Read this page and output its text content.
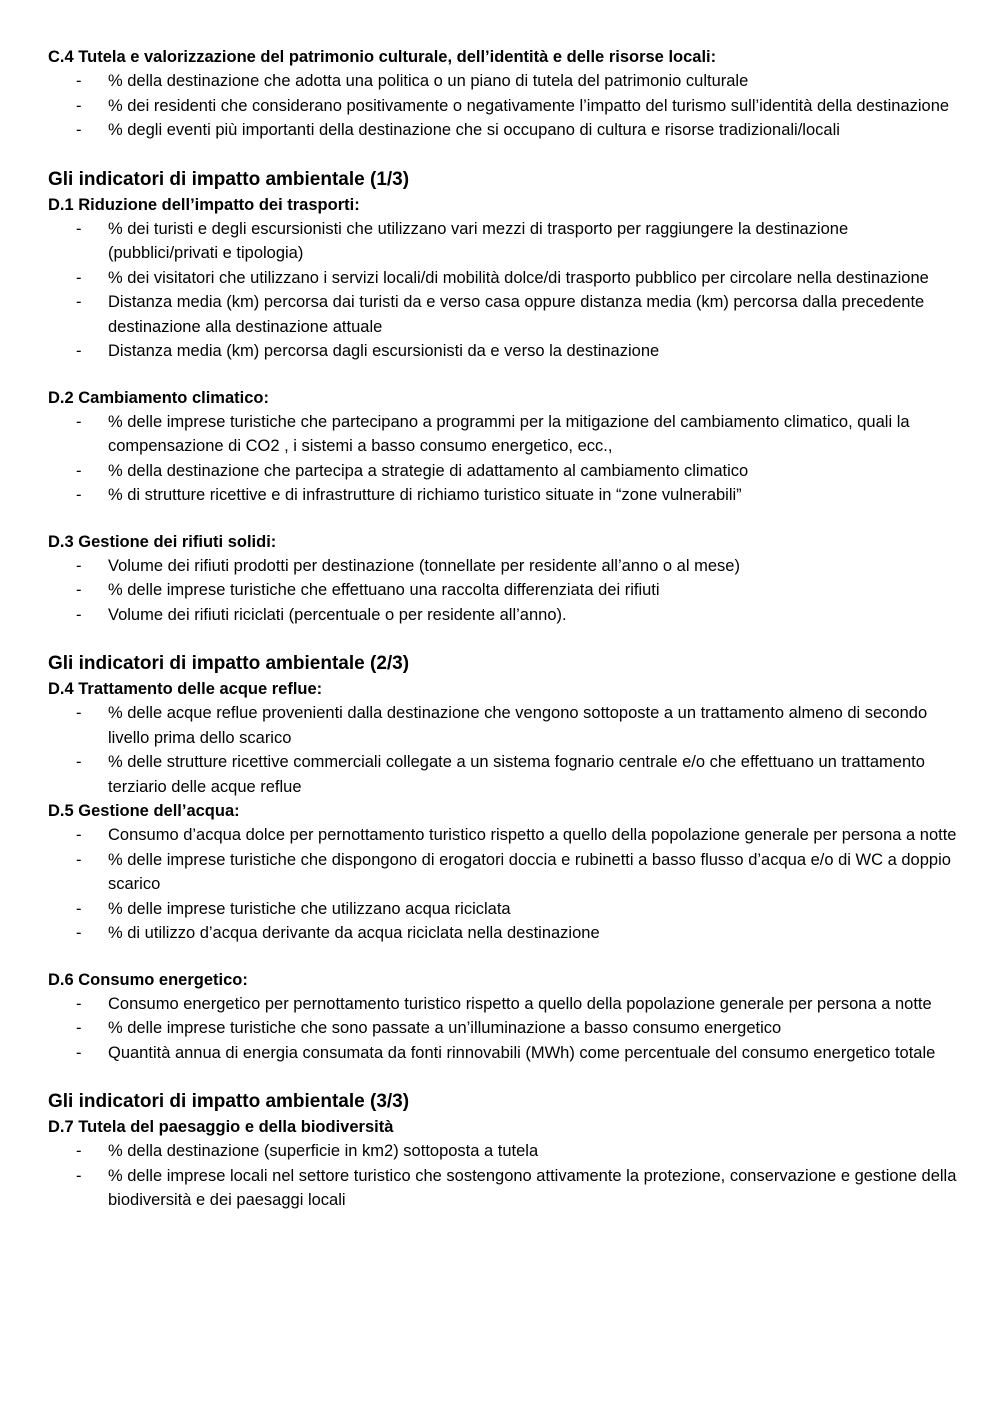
C.4 Tutela e valorizzazione del patrimonio culturale, dell’identità e delle risorse locali:
- % della destinazione che adotta una politica o un piano di tutela del patrimonio culturale
- % dei residenti che considerano positivamente o negativamente l’impatto del turismo sull’identità della destinazione
- % degli eventi più importanti della destinazione che si occupano di cultura e risorse tradizionali/locali
Gli indicatori di impatto ambientale (1/3)
D.1 Riduzione dell’impatto dei trasporti:
- % dei turisti e degli escursionisti che utilizzano vari mezzi di trasporto per raggiungere la destinazione (pubblici/privati e tipologia)
- % dei visitatori che utilizzano i servizi locali/di mobilità dolce/di trasporto pubblico per circolare nella destinazione
- Distanza media (km) percorsa dai turisti da e verso casa oppure distanza media (km) percorsa dalla precedente destinazione alla destinazione attuale
- Distanza media (km) percorsa dagli escursionisti da e verso la destinazione
D.2 Cambiamento climatico:
- % delle imprese turistiche che partecipano a programmi per la mitigazione del cambiamento climatico, quali la compensazione di CO2 , i sistemi a basso consumo energetico, ecc.,
- % della destinazione che partecipa a strategie di adattamento al cambiamento climatico
- % di strutture ricettive e di infrastrutture di richiamo turistico situate in “zone vulnerabili”
D.3 Gestione dei rifiuti solidi:
- Volume dei rifiuti prodotti per destinazione (tonnellate per residente all’anno o al mese)
- % delle imprese turistiche che effettuano una raccolta differenziata dei rifiuti
- Volume dei rifiuti riciclati (percentuale o per residente all’anno).
Gli indicatori di impatto ambientale (2/3)
D.4 Trattamento delle acque reflue:
- % delle acque reflue provenienti dalla destinazione che vengono sottoposte a un trattamento almeno di secondo livello prima dello scarico
- % delle strutture ricettive commerciali collegate a un sistema fognario centrale e/o che effettuano un trattamento terziario delle acque reflue
D.5 Gestione dell’acqua:
- Consumo d’acqua dolce per pernottamento turistico rispetto a quello della popolazione generale per persona a notte
- % delle imprese turistiche che dispongono di erogatori doccia e rubinetti a basso flusso d’acqua e/o di WC a doppio scarico
- % delle imprese turistiche che utilizzano acqua riciclata
- % di utilizzo d’acqua derivante da acqua riciclata nella destinazione
D.6 Consumo energetico:
- Consumo energetico per pernottamento turistico rispetto a quello della popolazione generale per persona a notte
- % delle imprese turistiche che sono passate a un’illuminazione a basso consumo energetico
- Quantità annua di energia consumata da fonti rinnovabili (MWh) come percentuale del consumo energetico totale
Gli indicatori di impatto ambientale (3/3)
D.7 Tutela del paesaggio e della biodiversità
- % della destinazione (superficie in km2) sottoposta a tutela
- % delle imprese locali nel settore turistico che sostengono attivamente la protezione, conservazione e gestione della biodiversità e dei paesaggi locali
